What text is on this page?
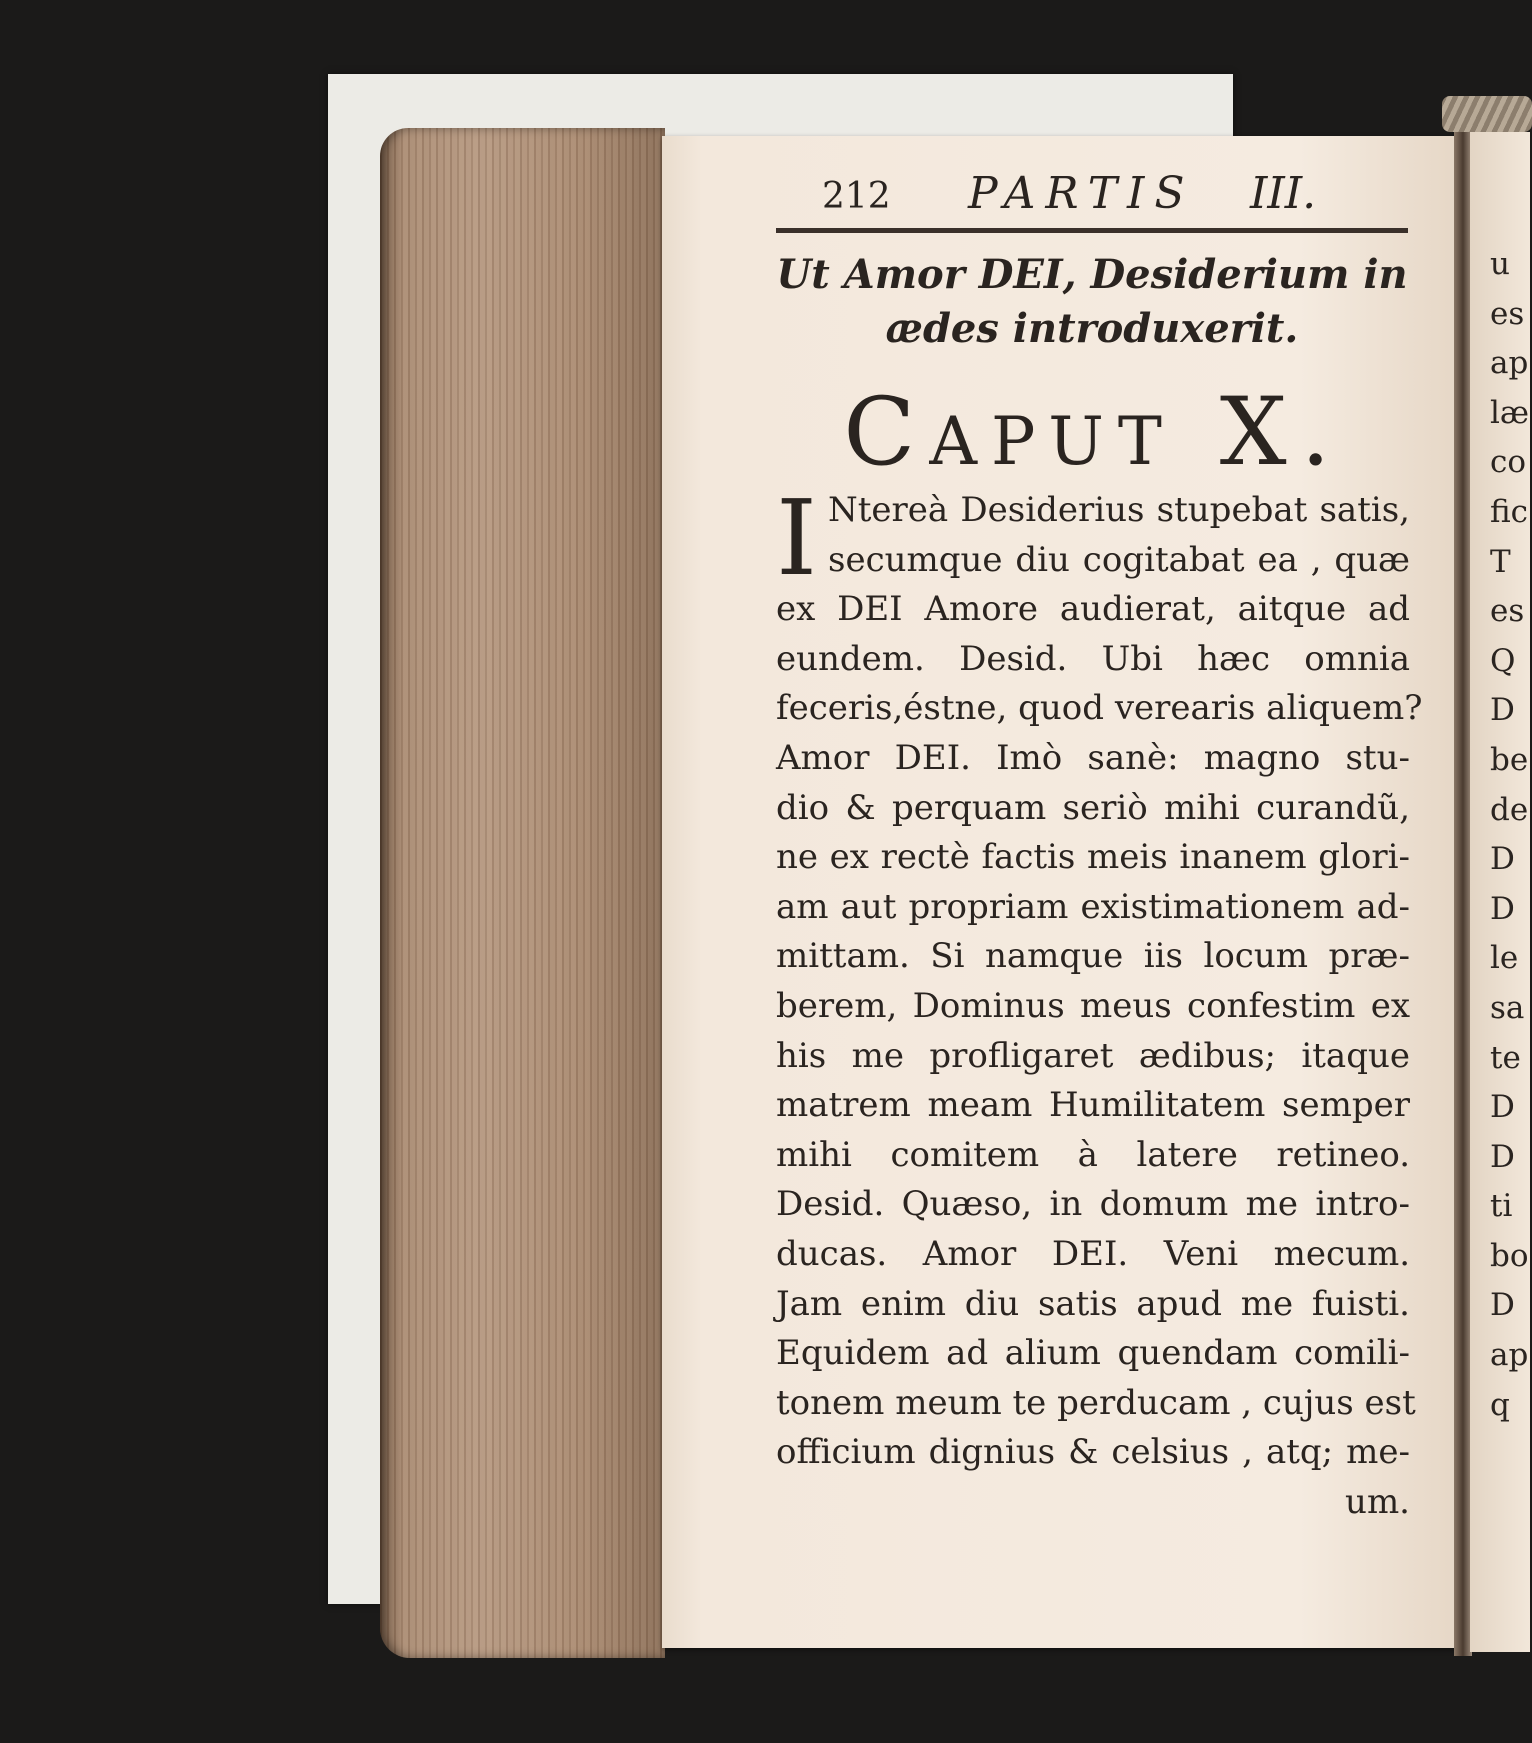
212 PARTIS III.
Ut Amor DEI, Desiderium in
ædes introduxerit.
Caput X.
I Ntereà Desiderius stupebat satis,
secumque diu cogitabat ea , quæ
ex DEI Amore audierat, aitque ad
eundem. Desid. Ubi hæc omnia
feceris,éstne, quod verearis aliquem?
Amor DEI. Imò sanè: magno stu-
dio & perquam seriò mihi curandũ,
ne ex rectè factis meis inanem glori-
am aut propriam existimationem ad-
mittam. Si namque iis locum præ-
berem, Dominus meus confestim ex
his me profligaret ædibus; itaque
matrem meam Humilitatem semper
mihi comitem à latere retineo.
Desid. Quæso, in domum me intro-
ducas. Amor DEI. Veni mecum.
Jam enim diu satis apud me fuisti.
Equidem ad alium quendam comili-
tonem meum te perducam , cujus est
officium dignius & celsius , atq; me-
um.
u
es
ap
læ
co
fic
T
es
Q
D
be
de
D
D
le
sa
te
D
D
ti
bo
D
ap
q
